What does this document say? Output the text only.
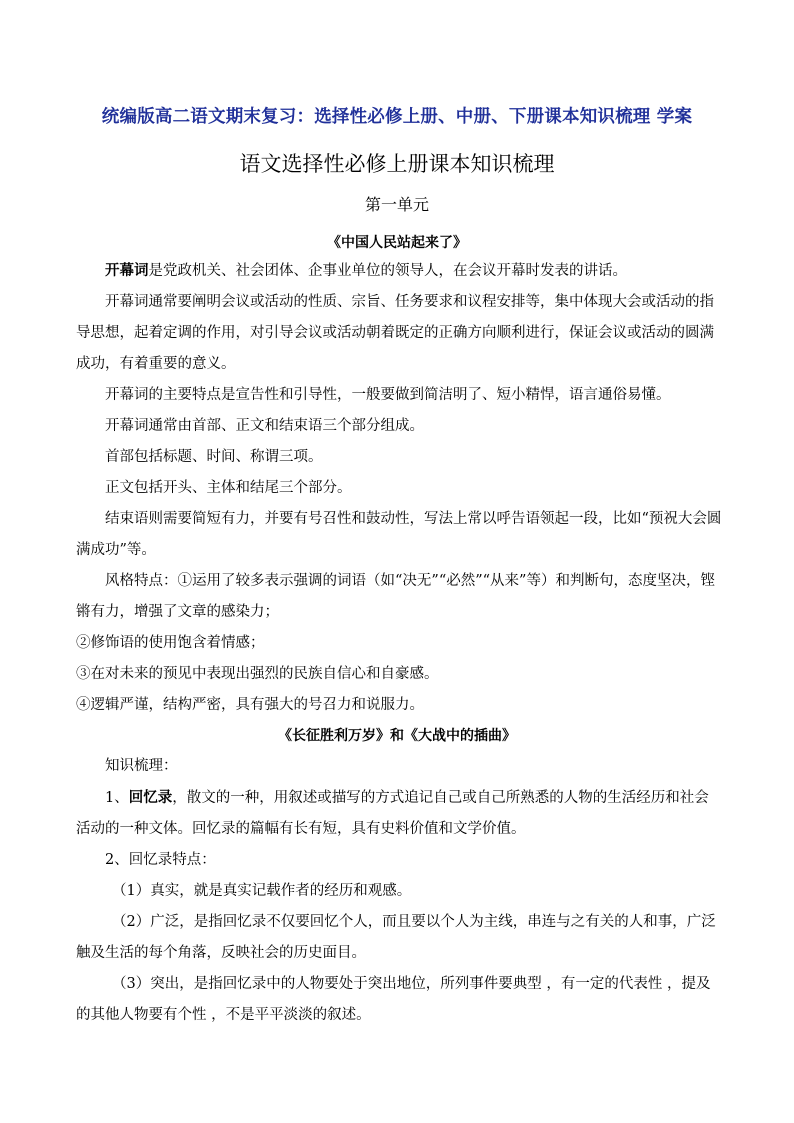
统编版高二语文期末复习：选择性必修上册、中册、下册课本知识梳理 学案
语文选择性必修上册课本知识梳理
第一单元
《中国人民站起来了》

开幕词是党政机关、社会团体、企事业单位的领导人，在会议开幕时发表的讲话。

开幕词通常要阐明会议或活动的性质、宗旨、任务要求和议程安排等，集中体现大会或活动的指导思想，起着定调的作用，对引导会议或活动朝着既定的正确方向顺利进行，保证会议或活动的圆满成功，有着重要的意义。

开幕词的主要特点是宣告性和引导性，一般要做到简洁明了、短小精悍，语言通俗易懂。

开幕词通常由首部、正文和结束语三个部分组成。

首部包括标题、时间、称谓三项。

正文包括开头、主体和结尾三个部分。

结束语则需要简短有力，并要有号召性和鼓动性，写法上常以呼告语领起一段，比如“预祝大会圆满成功”等。

风格特点：①运用了较多表示强调的词语（如“决无”“必然”“从来”等）和判断句，态度坚决，铿锵有力，增强了文章的感染力；

②修饰语的使用饱含着情感；

③在对未来的预见中表现出强烈的民族自信心和自豪感。

④逻辑严谨，结构严密，具有强大的号召力和说服力。

《长征胜利万岁》和《大战中的插曲》

知识梳理：

1、回忆录，散文的一种，用叙述或描写的方式追记自己或自己所熟悉的人物的生活经历和社会活动的一种文体。回忆录的篇幅有长有短，具有史料价值和文学价值。

2、回忆录特点：

（1）真实，就是真实记载作者的经历和观感。

（2）广泛，是指回忆录不仅要回忆个人，而且要以个人为主线，串连与之有关的人和事，广泛触及生活的每个角落，反映社会的历史面目。

（3）突出，是指回忆录中的人物要处于突出地位，所列事件要典型 ，有一定的代表性 ，提及的其他人物要有个性 ，不是平平淡淡的叙述。
